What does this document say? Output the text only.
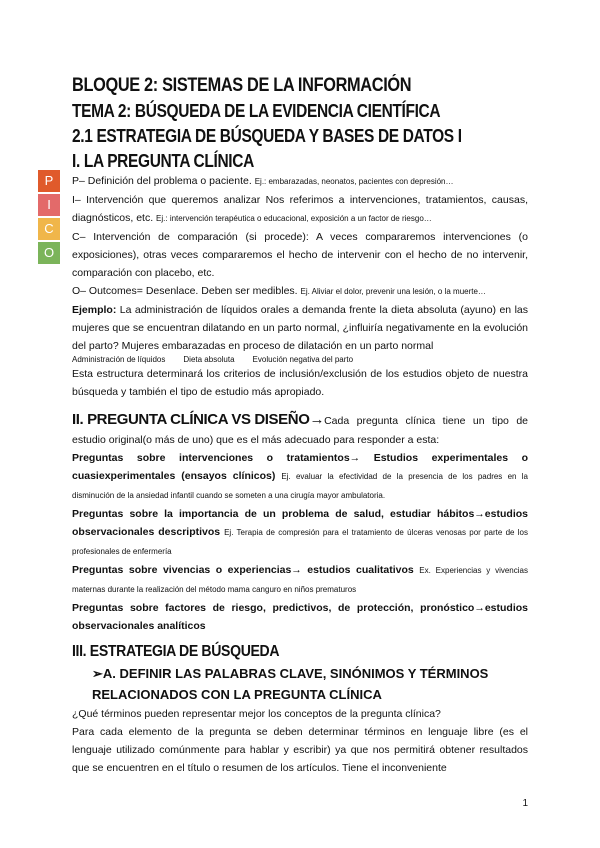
P
I
C
O
BLOQUE 2: SISTEMAS DE LA INFORMACIÓN
TEMA 2: BÚSQUEDA DE LA EVIDENCIA CIENTÍFICA
2.1 ESTRATEGIA DE BÚSQUEDA Y BASES DE DATOS I
I. LA PREGUNTA CLÍNICA

P– Definición del problema o paciente. Ej.: embarazadas, neonatos, pacientes con depresión…

I– Intervención que queremos analizar Nos referimos a intervenciones, tratamientos, causas, diagnósticos, etc. Ej.: intervención terapéutica o educacional, exposición a un factor de riesgo…

C– Intervención de comparación (si procede): A veces compararemos intervenciones (o exposiciones), otras veces compararemos el hecho de intervenir con el hecho de no intervenir, comparación con placebo, etc.

O– Outcomes= Desenlace. Deben ser medibles. Ej. Aliviar el dolor, prevenir una lesión, o la muerte…

Ejemplo: La administración de líquidos orales a demanda frente la dieta absoluta (ayuno) en las mujeres que se encuentran dilatando en un parto normal, ¿influiría negativamente en la evolución del parto? Mujeres embarazadas en proceso de dilatación en un parto normal

Administración de líquidos Dieta absoluta Evolución negativa del parto

Esta estructura determinará los criterios de inclusión/exclusión de los estudios objeto de nuestra búsqueda y también el tipo de estudio más apropiado.

II. PREGUNTA CLÍNICA VS DISEÑO→Cada pregunta clínica tiene un tipo de estudio original(o más de uno) que es el más adecuado para responder a esta:

Preguntas sobre intervenciones o tratamientos→ Estudios experimentales o cuasiexperimentales (ensayos clínicos) Ej. evaluar la efectividad de la presencia de los padres en la disminución de la ansiedad infantil cuando se someten a una cirugía mayor ambulatoria.

Preguntas sobre la importancia de un problema de salud, estudiar hábitos→estudios observacionales descriptivos Ej. Terapia de compresión para el tratamiento de úlceras venosas por parte de los profesionales de enfermería

Preguntas sobre vivencias o experiencias→ estudios cualitativos Ex. Experiencias y vivencias maternas durante la realización del método mama canguro en niños prematuros

Preguntas sobre factores de riesgo, predictivos, de protección, pronóstico→estudios observacionales analíticos

III. ESTRATEGIA DE BÚSQUEDA
➢A. DEFINIR LAS PALABRAS CLAVE, SINÓNIMOS Y TÉRMINOS RELACIONADOS CON LA PREGUNTA CLÍNICA

¿Qué términos pueden representar mejor los conceptos de la pregunta clínica?

Para cada elemento de la pregunta se deben determinar términos en lenguaje libre (es el lenguaje utilizado comúnmente para hablar y escribir) ya que nos permitirá obtener resultados que se encuentren en el título o resumen de los artículos. Tiene el inconveniente

1
